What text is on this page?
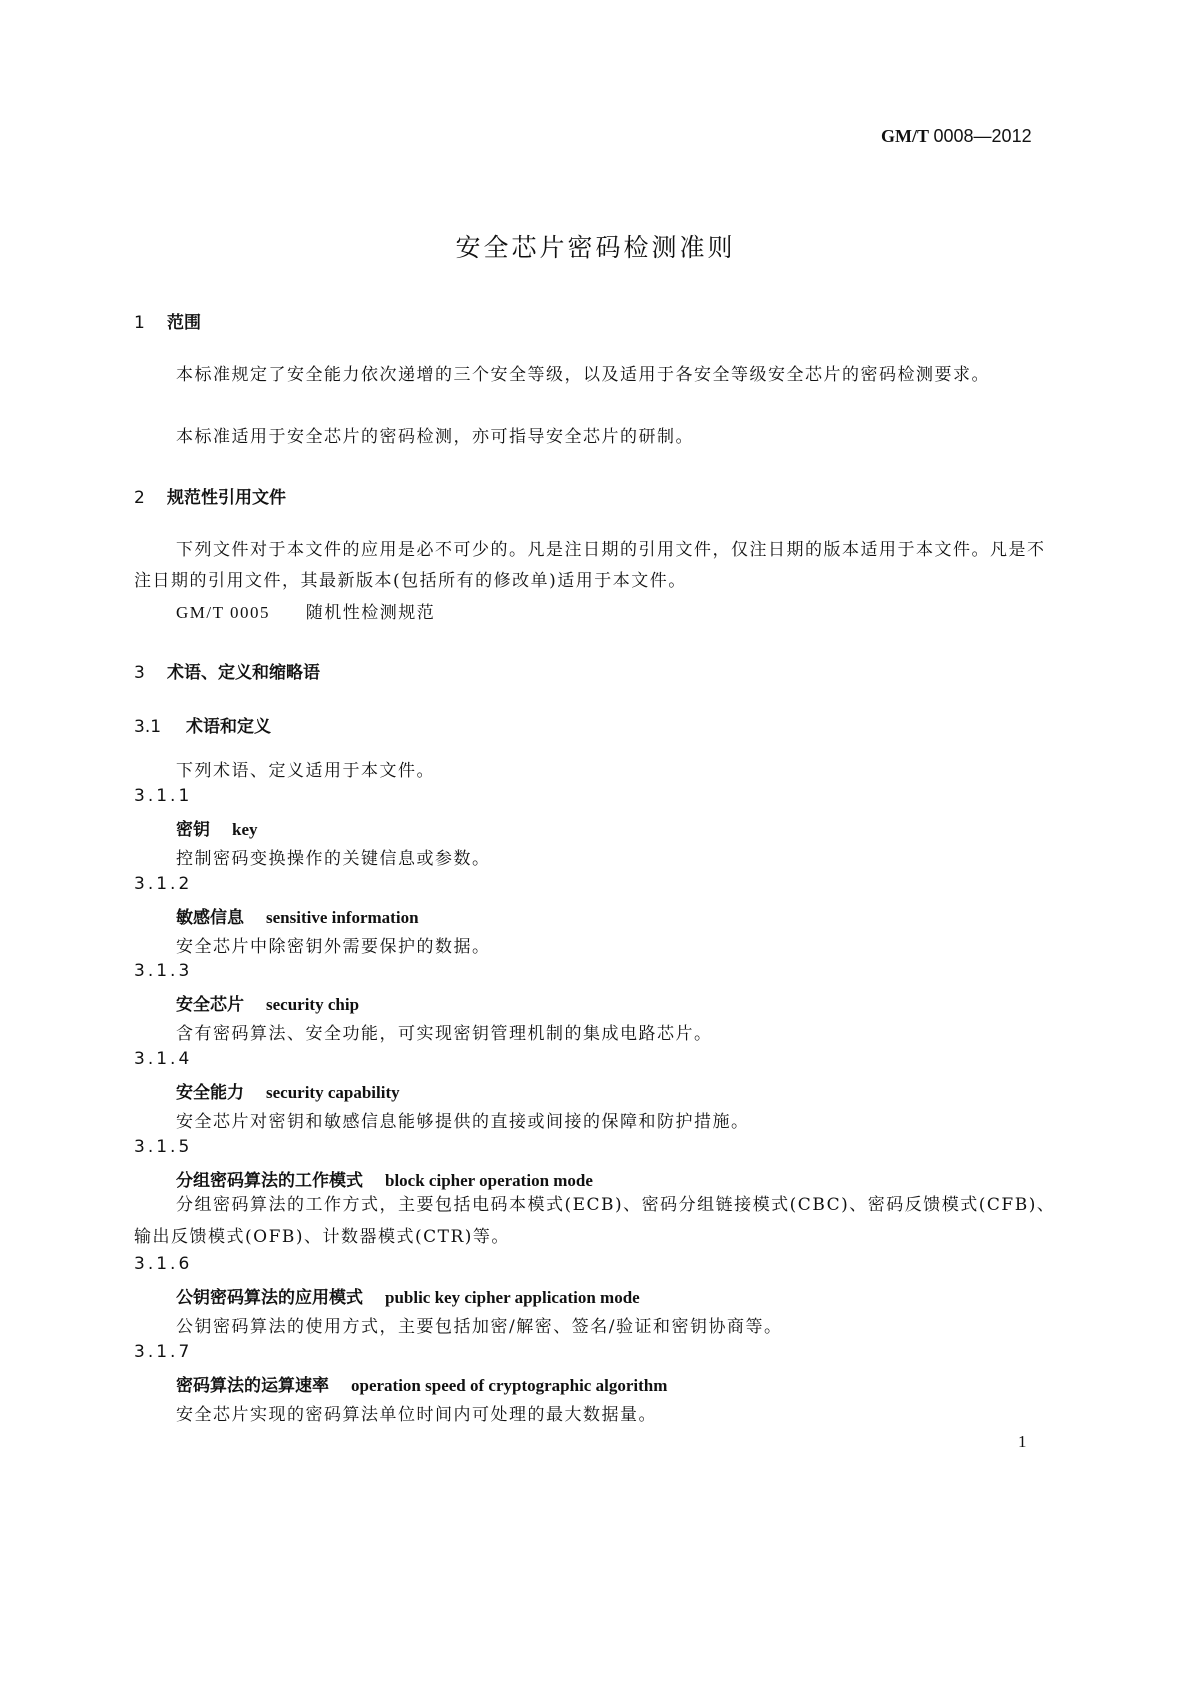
GM/T 0008—2012
安全芯片密码检测准则
1 范围
本标准规定了安全能力依次递增的三个安全等级，以及适用于各安全等级安全芯片的密码检测要求。
本标准适用于安全芯片的密码检测，亦可指导安全芯片的研制。
2 规范性引用文件
下列文件对于本文件的应用是必不可少的。凡是注日期的引用文件，仅注日期的版本适用于本文件。凡是不注日期的引用文件，其最新版本(包括所有的修改单)适用于本文件。
GM/T 0005 随机性检测规范
3 术语、定义和缩略语
3.1 术语和定义
下列术语、定义适用于本文件。
3.1.1
密钥 key
控制密码变换操作的关键信息或参数。
3.1.2
敏感信息 sensitive information
安全芯片中除密钥外需要保护的数据。
3.1.3
安全芯片 security chip
含有密码算法、安全功能，可实现密钥管理机制的集成电路芯片。
3.1.4
安全能力 security capability
安全芯片对密钥和敏感信息能够提供的直接或间接的保障和防护措施。
3.1.5
分组密码算法的工作模式 block cipher operation mode
分组密码算法的工作方式，主要包括电码本模式(ECB)、密码分组链接模式(CBC)、密码反馈模式(CFB)、输出反馈模式(OFB)、计数器模式(CTR)等。
3.1.6
公钥密码算法的应用模式 public key cipher application mode
公钥密码算法的使用方式，主要包括加密/解密、签名/验证和密钥协商等。
3.1.7
密码算法的运算速率 operation speed of cryptographic algorithm
安全芯片实现的密码算法单位时间内可处理的最大数据量。
1
